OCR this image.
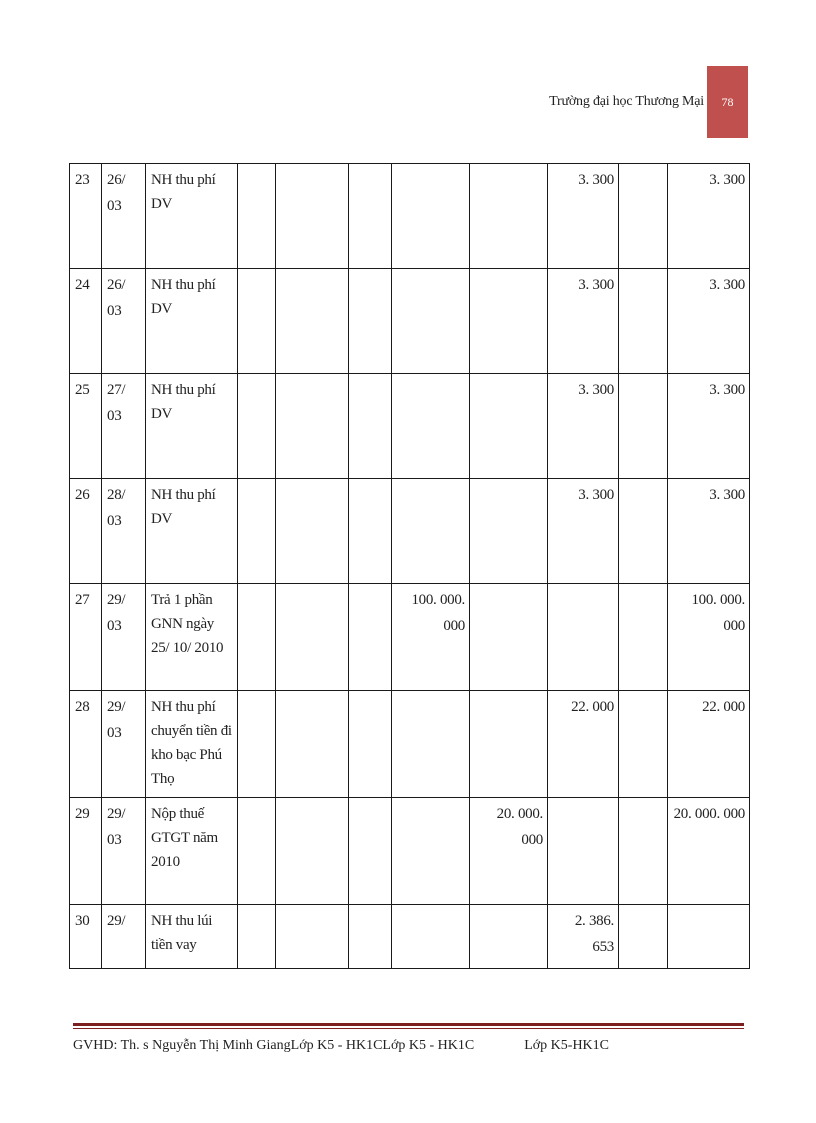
Trường đại học Thương Mại 78
23	26/ 03	NH thu phí DV						3. 300		3. 300
24	26/ 03	NH thu phí DV						3. 300		3. 300
25	27/ 03	NH thu phí DV						3. 300		3. 300
26	28/ 03	NH thu phí DV						3. 300		3. 300
27	29/ 03	Trả 1 phần GNN ngày 25/ 10/ 2010				100. 000. 000				100. 000. 000
28	29/ 03	NH thu phí chuyển tiền đi kho bạc Phú Thọ						22. 000		22. 000
29	29/ 03	Nộp thuế GTGT năm 2010					20. 000. 000			20. 000. 000
30	29/	NH thu lúi tiền vay						2. 386. 653		
GVHD: Th. s Nguyễn Thị Minh GiangLớp K5 - HK1CLớp K5 - HK1C	Lớp K5-HK1C
